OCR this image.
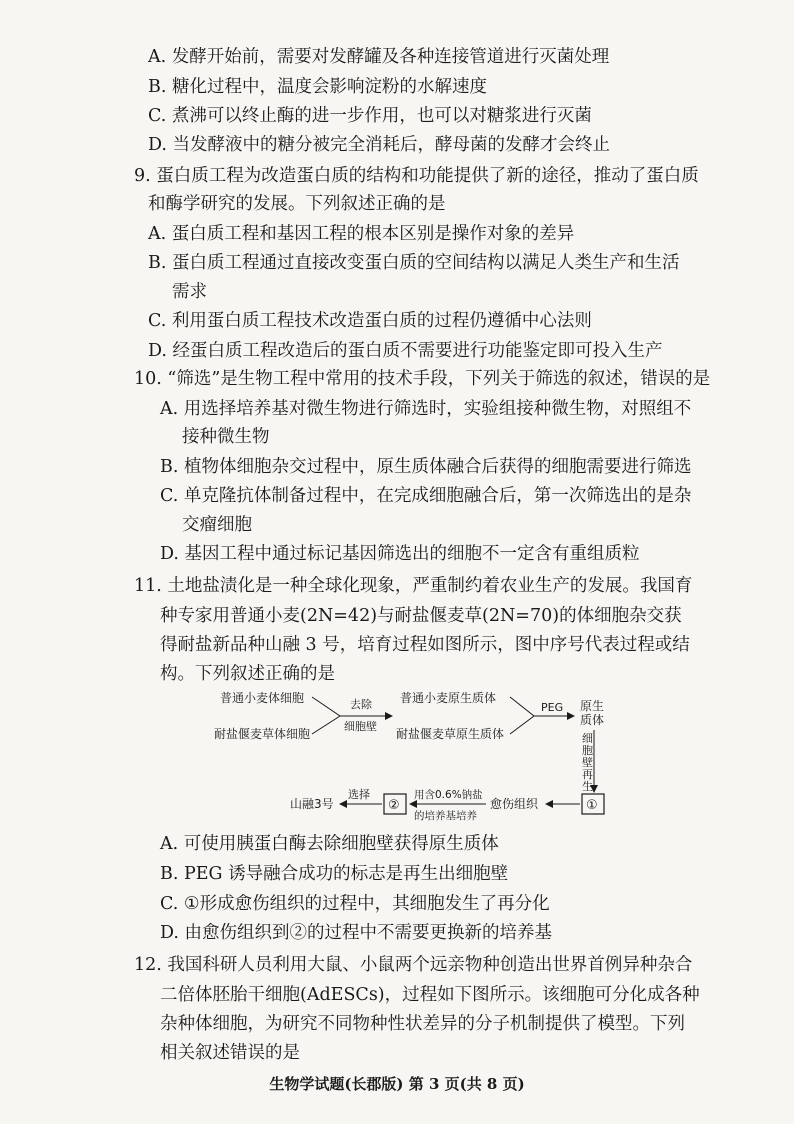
A. 发酵开始前，需要对发酵罐及各种连接管道进行灭菌处理
B. 糖化过程中，温度会影响淀粉的水解速度
C. 煮沸可以终止酶的进一步作用，也可以对糖浆进行灭菌
D. 当发酵液中的糖分被完全消耗后，酵母菌的发酵才会终止
9. 蛋白质工程为改造蛋白质的结构和功能提供了新的途径，推动了蛋白质
和酶学研究的发展。下列叙述正确的是
A. 蛋白质工程和基因工程的根本区别是操作对象的差异
B. 蛋白质工程通过直接改变蛋白质的空间结构以满足人类生产和生活
需求
C. 利用蛋白质工程技术改造蛋白质的过程仍遵循中心法则
D. 经蛋白质工程改造后的蛋白质不需要进行功能鉴定即可投入生产
10. “筛选”是生物工程中常用的技术手段，下列关于筛选的叙述，错误的是
A. 用选择培养基对微生物进行筛选时，实验组接种微生物，对照组不
接种微生物
B. 植物体细胞杂交过程中，原生质体融合后获得的细胞需要进行筛选
C. 单克隆抗体制备过程中，在完成细胞融合后，第一次筛选出的是杂
交瘤细胞
D. 基因工程中通过标记基因筛选出的细胞不一定含有重组质粒
11. 土地盐渍化是一种全球化现象，严重制约着农业生产的发展。我国育
种专家用普通小麦(2N=42)与耐盐偃麦草(2N=70)的体细胞杂交获
得耐盐新品种山融 3 号，培育过程如图所示，图中序号代表过程或结
构。下列叙述正确的是
普通小麦体细胞
耐盐偃麦草体细胞
去除
细胞壁
普通小麦原生质体
耐盐偃麦草原生质体
PEG 原生
质体
细
胞
壁
再
生
①
愈伤组织
用含0.6%钠盐
的培养基培养
②
选择
山融3号
A. 可使用胰蛋白酶去除细胞壁获得原生质体
B. PEG 诱导融合成功的标志是再生出细胞壁
C. ①形成愈伤组织的过程中，其细胞发生了再分化
D. 由愈伤组织到②的过程中不需要更换新的培养基
12. 我国科研人员利用大鼠、小鼠两个远亲物种创造出世界首例异种杂合
二倍体胚胎干细胞(AdESCs)，过程如下图所示。该细胞可分化成各种
杂种体细胞，为研究不同物种性状差异的分子机制提供了模型。下列
相关叙述错误的是
生物学试题(长郡版) 第 3 页(共 8 页)
